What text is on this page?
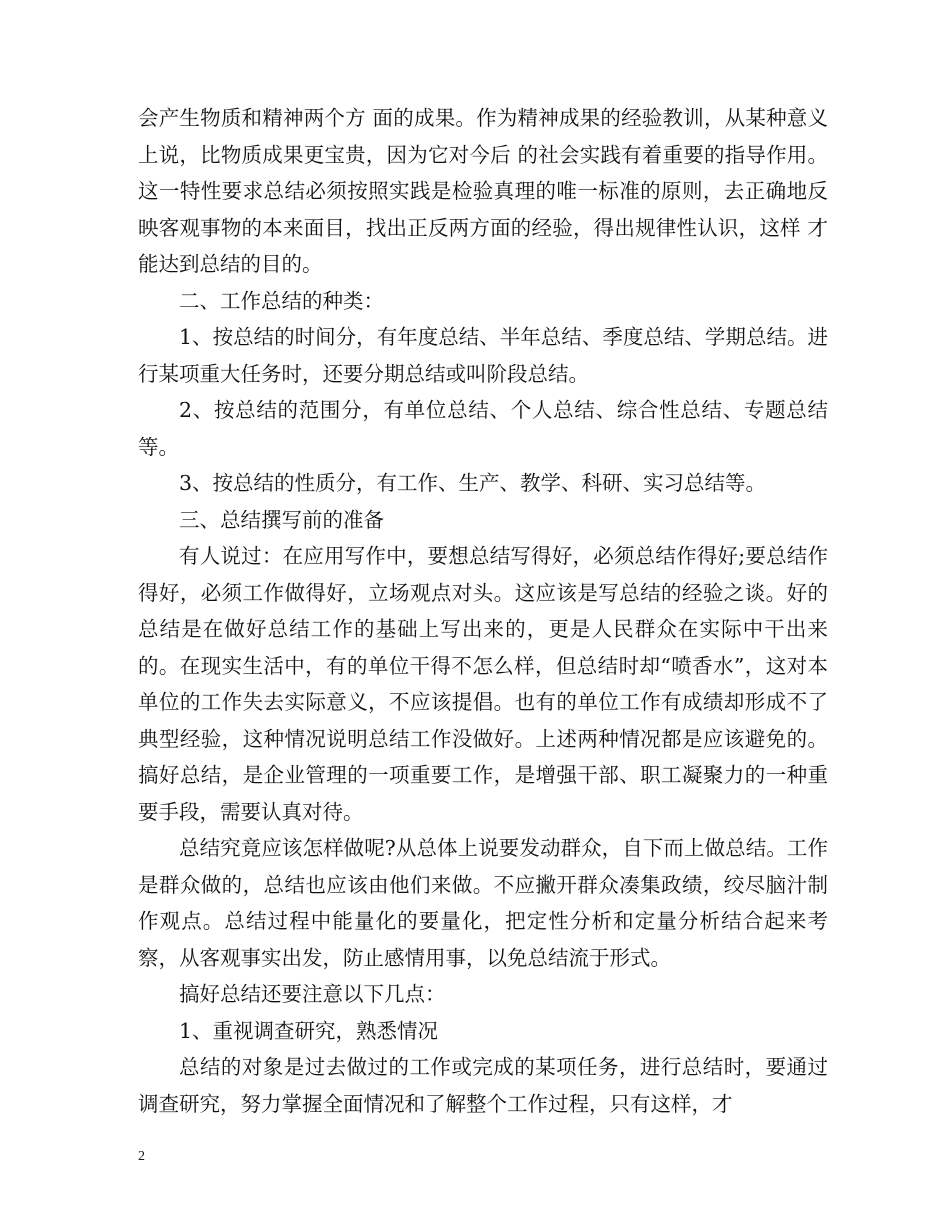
会产生物质和精神两个方 面的成果。作为精神成果的经验教训，从某种意义上说，比物质成果更宝贵，因为它对今后 的社会实践有着重要的指导作用。这一特性要求总结必须按照实践是检验真理的唯一标准的原则，去正确地反映客观事物的本来面目，找出正反两方面的经验，得出规律性认识，这样 才能达到总结的目的。

二、工作总结的种类：

1、按总结的时间分，有年度总结、半年总结、季度总结、学期总结。进行某项重大任务时，还要分期总结或叫阶段总结。

2、按总结的范围分，有单位总结、个人总结、综合性总结、专题总结等。

3、按总结的性质分，有工作、生产、教学、科研、实习总结等。

三、总结撰写前的准备

有人说过：在应用写作中，要想总结写得好，必须总结作得好;要总结作得好，必须工作做得好，立场观点对头。这应该是写总结的经验之谈。好的总结是在做好总结工作的基础上写出来的，更是人民群众在实际中干出来的。在现实生活中，有的单位干得不怎么样，但总结时却“喷香水”，这对本单位的工作失去实际意义，不应该提倡。也有的单位工作有成绩却形成不了典型经验，这种情况说明总结工作没做好。上述两种情况都是应该避免的。搞好总结，是企业管理的一项重要工作，是增强干部、职工凝聚力的一种重要手段，需要认真对待。

总结究竟应该怎样做呢?从总体上说要发动群众，自下而上做总结。工作是群众做的，总结也应该由他们来做。不应撇开群众凑集政绩，绞尽脑汁制作观点。总结过程中能量化的要量化，把定性分析和定量分析结合起来考察，从客观事实出发，防止感情用事，以免总结流于形式。

搞好总结还要注意以下几点：

1、重视调查研究，熟悉情况

总结的对象是过去做过的工作或完成的某项任务，进行总结时，要通过调查研究，努力掌握全面情况和了解整个工作过程，只有这样，才

2
